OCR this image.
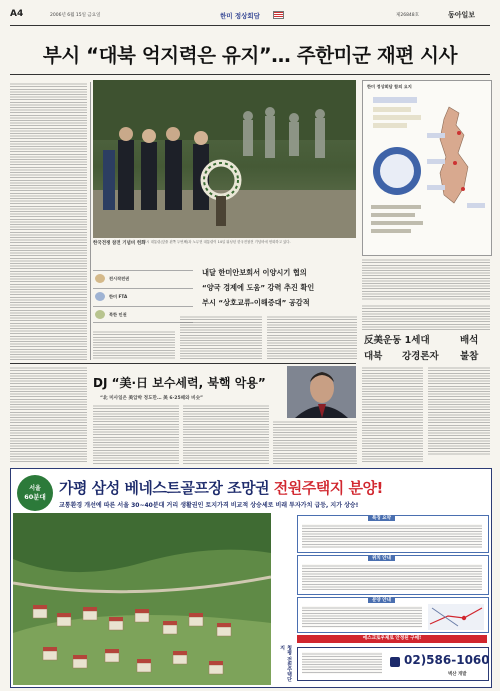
A4	2006년 6월 15일 금요일	한미 정상회담	제26848호	동아일보
부시 “대북 억지력은 유지”… 주한미군 재편 시사
한국전쟁 참전 기념비 헌화
부시 대통령(앞줄 왼쪽 두번째)과 노무현 대통령이 14일 워싱턴 한국전참전 기념비에 헌화하고 있다.
한미 정상회담 합의 요지
전시작전권
한미 FTA
북한 인권
내달 한미안보회서 이양시기 협의
“양국 경제에 도움” 강력 추진 확인
부시 “상호교류-이해증대” 공감적
反美운동 1세대	배석
DJ “美·日 보수세력, 북핵 악용”
“北 미사일은 美압박 정도만… 美 6·25때와 비슷”
대북 강경론자 불참
서울
60분대 가평 삼성 베네스트골프장 조망권 전원주택지 분양!
교통환경 개선에 따른 서울 30~40분대 거리 생활권인 토지가격 비교적 상승세로 비래 투자가치 급등, 지가 상승!
청평 전원주택단지
특징 요약
위치 안내
분양 안내
에스크로우제로 안정된 구매!
02)586-1060
벽산 개발
